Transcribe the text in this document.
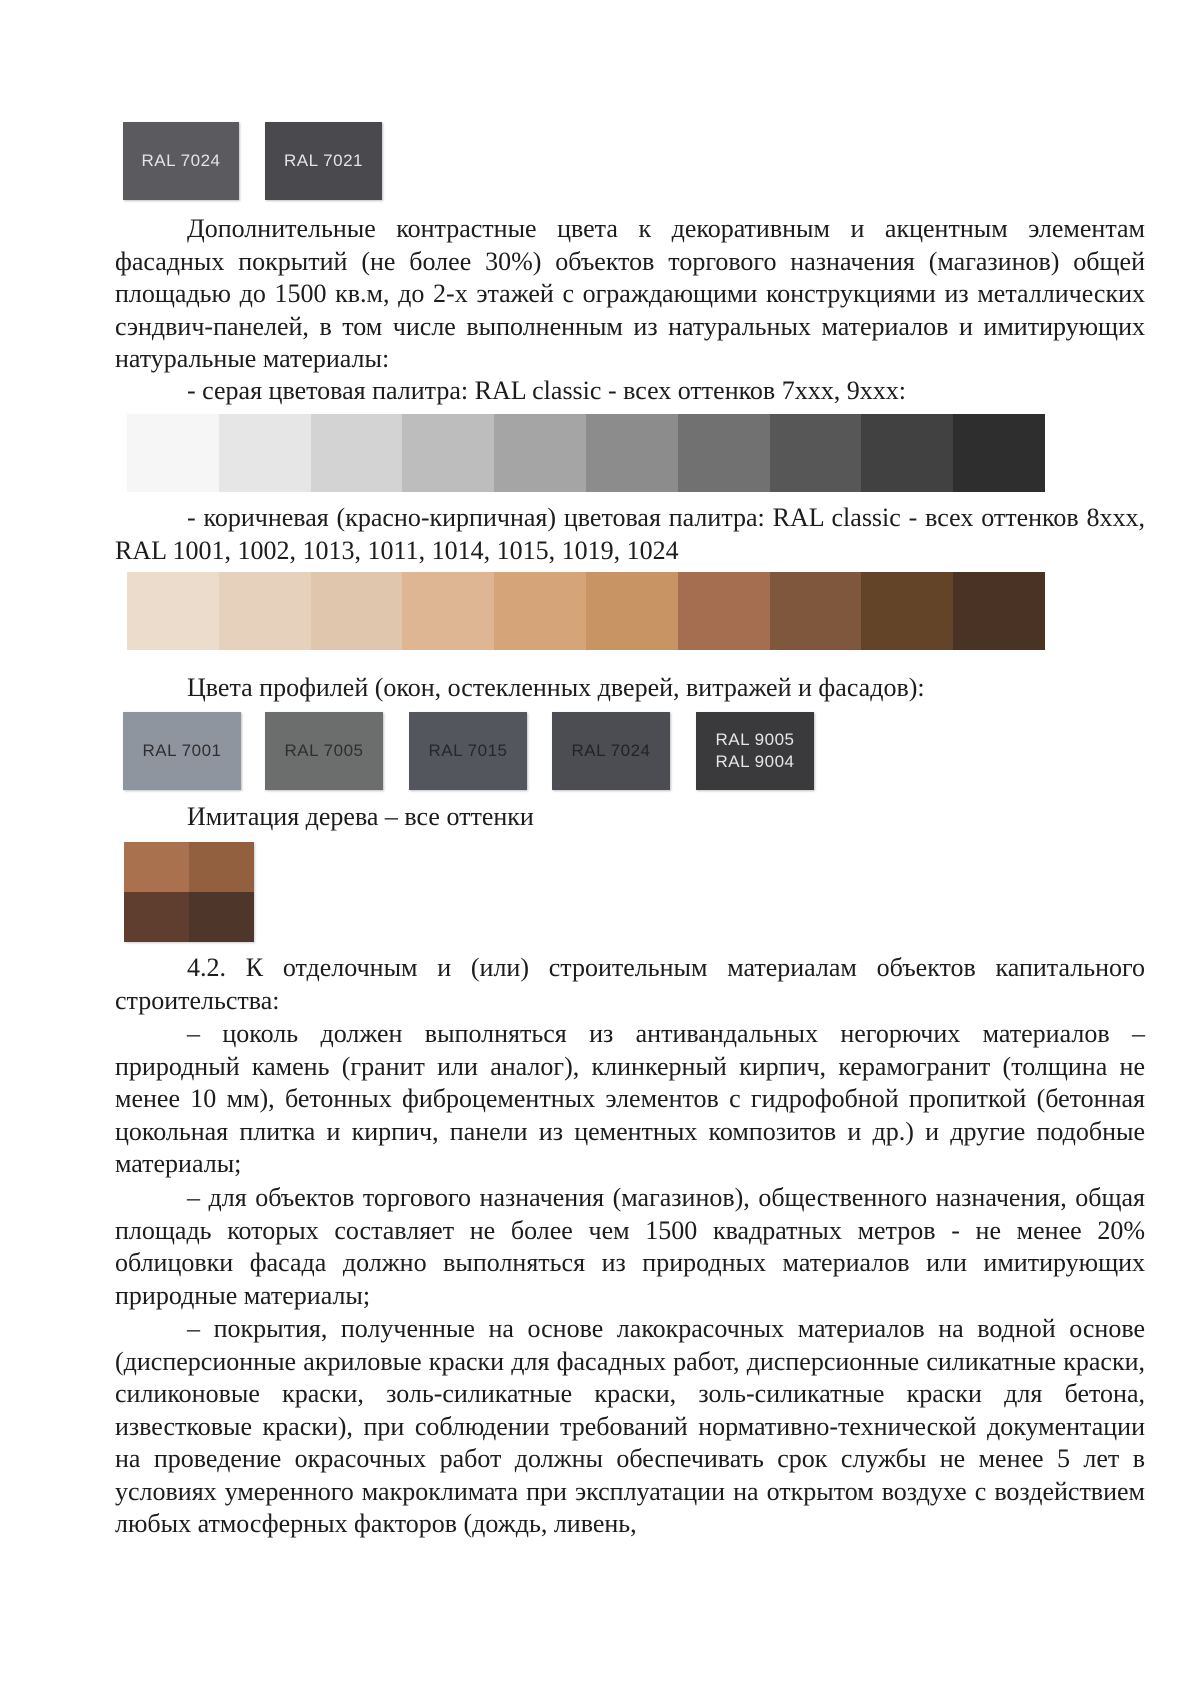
RAL 7024	RAL 7021

Дополнительные контрастные цвета к декоративным и акцентным элементам фасадных покрытий (не более 30%) объектов торгового назначения (магазинов) общей площадью до 1500 кв.м, до 2-х этажей с ограждающими конструкциями из металлических сэндвич-панелей, в том числе выполненным из натуральных материалов и имитирующих натуральные материалы:

- серая цветовая палитра: RAL classic - всех оттенков 7xxx, 9xxx:

- коричневая (красно-кирпичная) цветовая палитра: RAL classic - всех оттенков 8xxx, RAL 1001, 1002, 1013, 1011, 1014, 1015, 1019, 1024

Цвета профилей (окон, остекленных дверей, витражей и фасадов):

RAL 7001	RAL 7005	RAL 7015	RAL 7024
RAL 9005
RAL 9004

Имитация дерева – все оттенки

4.2. К отделочным и (или) строительным материалам объектов капитального строительства:

– цоколь должен выполняться из антивандальных негорючих материалов – природный камень (гранит или аналог), клинкерный кирпич, керамогранит (толщина не менее 10 мм), бетонных фиброцементных элементов с гидрофобной пропиткой (бетонная цокольная плитка и кирпич, панели из цементных композитов и др.) и другие подобные материалы;

– для объектов торгового назначения (магазинов), общественного назначения, общая площадь которых составляет не более чем 1500 квадратных метров - не менее 20% облицовки фасада должно выполняться из природных материалов или имитирующих природные материалы;

– покрытия, полученные на основе лакокрасочных материалов на водной основе (дисперсионные акриловые краски для фасадных работ, дисперсионные силикатные краски, силиконовые краски, золь-силикатные краски, золь-силикатные краски для бетона, известковые краски), при соблюдении требований нормативно-технической документации на проведение окрасочных работ должны обеспечивать срок службы не менее 5 лет в условиях умеренного макроклимата при эксплуатации на открытом воздухе с воздействием любых атмосферных факторов (дождь, ливень,
